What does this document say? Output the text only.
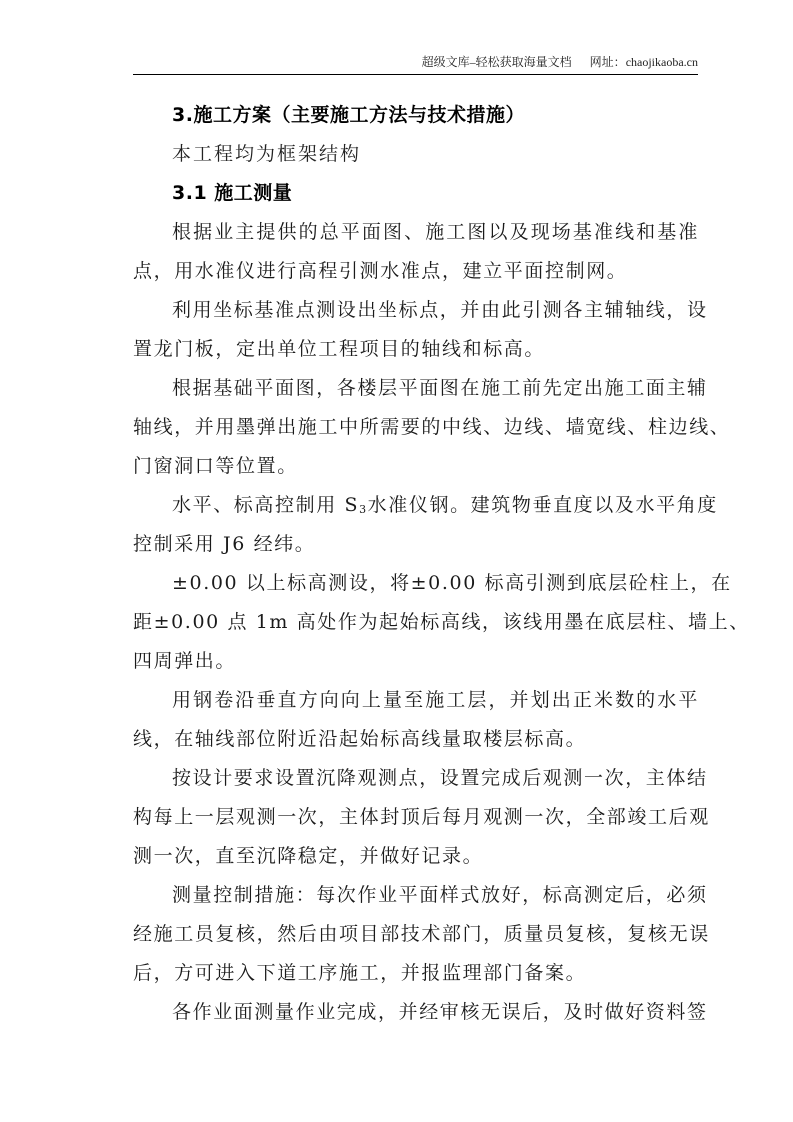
超级文库–轻松获取海量文档 网址：chaojikaoba.cn
3.施工方案（主要施工方法与技术措施）
本工程均为框架结构
3.1 施工测量
根据业主提供的总平面图、施工图以及现场基准线和基准
点，用水准仪进行高程引测水准点，建立平面控制网。
利用坐标基准点测设出坐标点，并由此引测各主辅轴线，设
置龙门板，定出单位工程项目的轴线和标高。
根据基础平面图，各楼层平面图在施工前先定出施工面主辅
轴线，并用墨弹出施工中所需要的中线、边线、墙宽线、柱边线、
门窗洞口等位置。
水平、标高控制用 $S_3$水准仪钢。建筑物垂直度以及水平角度
控制采用 J6 经纬。
±0.00 以上标高测设，将±0.00 标高引测到底层砼柱上，在
距±0.00 点 1m 高处作为起始标高线，该线用墨在底层柱、墙上、
四周弹出。
用钢卷沿垂直方向向上量至施工层，并划出正米数的水平
线，在轴线部位附近沿起始标高线量取楼层标高。
按设计要求设置沉降观测点，设置完成后观测一次，主体结
构每上一层观测一次，主体封顶后每月观测一次，全部竣工后观
测一次，直至沉降稳定，并做好记录。
测量控制措施：每次作业平面样式放好，标高测定后，必须
经施工员复核，然后由项目部技术部门，质量员复核，复核无误
后，方可进入下道工序施工，并报监理部门备案。
各作业面测量作业完成，并经审核无误后，及时做好资料签
